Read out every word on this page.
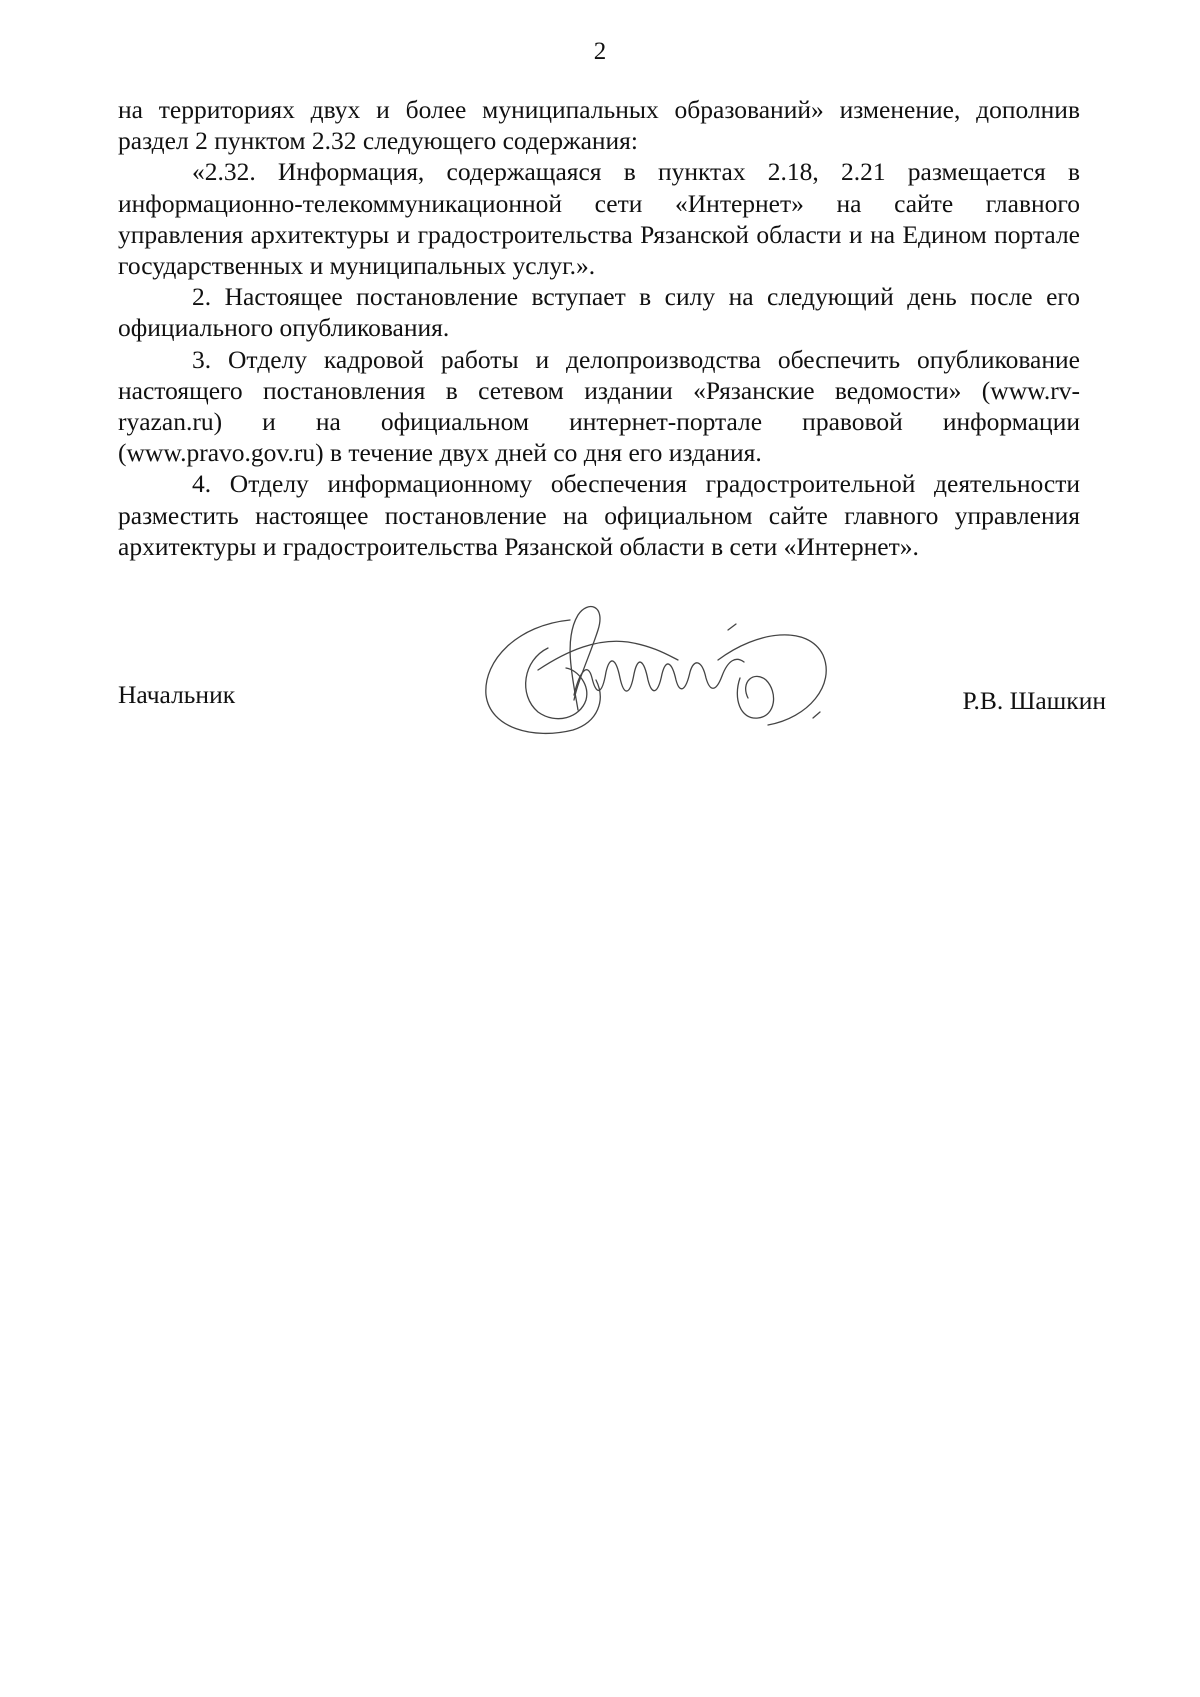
2

на территориях двух и более муниципальных образований» изменение, дополнив раздел 2 пунктом 2.32 следующего содержания:

«2.32. Информация, содержащаяся в пунктах 2.18, 2.21 размещается в информационно-телекоммуникационной сети «Интернет» на сайте главного управления архитектуры и градостроительства Рязанской области и на Едином портале государственных и муниципальных услуг.».

2. Настоящее постановление вступает в силу на следующий день после его официального опубликования.

3. Отделу кадровой работы и делопроизводства обеспечить опубликование настоящего постановления в сетевом издании «Рязанские ведомости» (www.rv-ryazan.ru) и на официальном интернет-портале правовой информации (www.pravo.gov.ru) в течение двух дней со дня его издания.

4. Отделу информационному обеспечения градостроительной деятельности разместить настоящее постановление на официальном сайте главного управления архитектуры и градостроительства Рязанской области в сети «Интернет».

Начальник	Р.В. Шашкин
